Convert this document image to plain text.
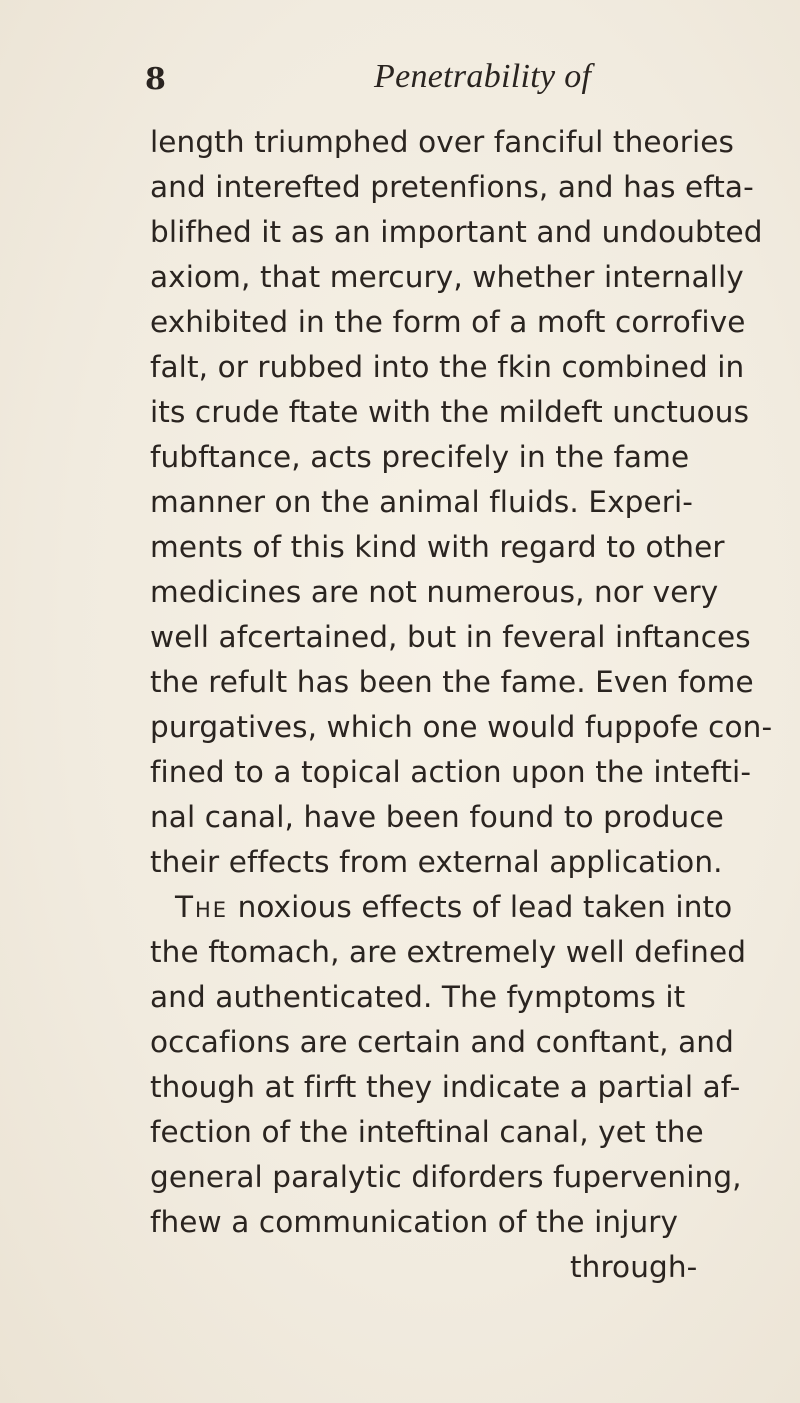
8	Penetrability of
length triumphed over fanciful theories
and interefted pretenfions, and has efta-
blifhed it as an important and undoubted
axiom, that mercury, whether internally
exhibited in the form of a moft corrofive
falt, or rubbed into the fkin combined in
its crude ftate with the mildeft unctuous
fubftance, acts precifely in the fame
manner on the animal fluids. Experi-
ments of this kind with regard to other
medicines are not numerous, nor very
well afcertained, but in feveral inftances
the refult has been the fame. Even fome
purgatives, which one would fuppofe con-
fined to a topical action upon the intefti-
nal canal, have been found to produce
their effects from external application.
The noxious effects of lead taken into
the ftomach, are extremely well defined
and authenticated. The fymptoms it
occafions are certain and conftant, and
though at firft they indicate a partial af-
fection of the inteftinal canal, yet the
general paralytic diforders fupervening,
fhew a communication of the injury
through-
